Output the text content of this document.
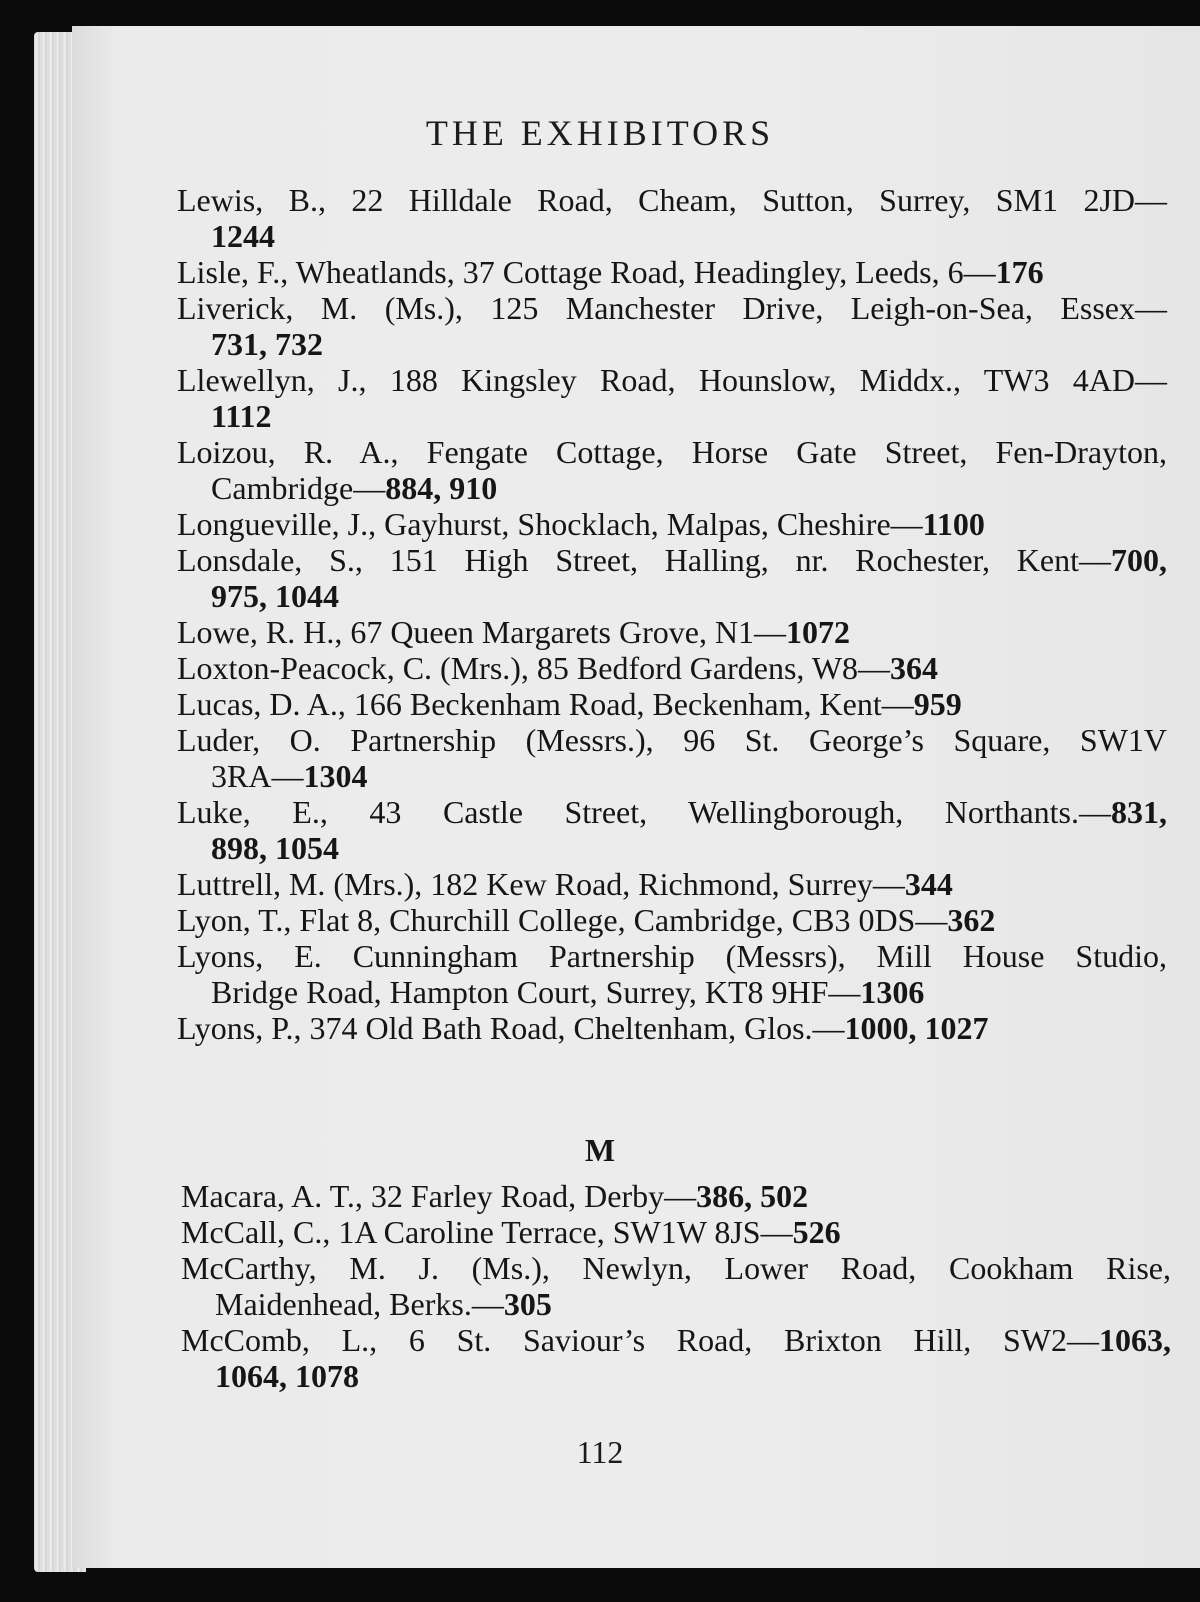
THE EXHIBITORS

Lewis, B., 22 Hilldale Road, Cheam, Sutton, Surrey, SM1 2JD—
1244

Lisle, F., Wheatlands, 37 Cottage Road, Headingley, Leeds, 6—176

Liverick, M. (Ms.), 125 Manchester Drive, Leigh-on-Sea, Essex—
731, 732

Llewellyn, J., 188 Kingsley Road, Hounslow, Middx., TW3 4AD—
1112

Loizou, R. A., Fengate Cottage, Horse Gate Street, Fen-Drayton,
Cambridge—884, 910

Longueville, J., Gayhurst, Shocklach, Malpas, Cheshire—1100

Lonsdale, S., 151 High Street, Halling, nr. Rochester, Kent—700,
975, 1044

Lowe, R. H., 67 Queen Margarets Grove, N1—1072

Loxton-Peacock, C. (Mrs.), 85 Bedford Gardens, W8—364

Lucas, D. A., 166 Beckenham Road, Beckenham, Kent—959

Luder, O. Partnership (Messrs.), 96 St. George’s Square, SW1V
3RA—1304

Luke, E., 43 Castle Street, Wellingborough, Northants.—831,
898, 1054

Luttrell, M. (Mrs.), 182 Kew Road, Richmond, Surrey—344

Lyon, T., Flat 8, Churchill College, Cambridge, CB3 0DS—362

Lyons, E. Cunningham Partnership (Messrs), Mill House Studio,
Bridge Road, Hampton Court, Surrey, KT8 9HF—1306

Lyons, P., 374 Old Bath Road, Cheltenham, Glos.—1000, 1027

M

Macara, A. T., 32 Farley Road, Derby—386, 502

McCall, C., 1A Caroline Terrace, SW1W 8JS—526

McCarthy, M. J. (Ms.), Newlyn, Lower Road, Cookham Rise,
Maidenhead, Berks.—305

McComb, L., 6 St. Saviour’s Road, Brixton Hill, SW2—1063,
1064, 1078

112
